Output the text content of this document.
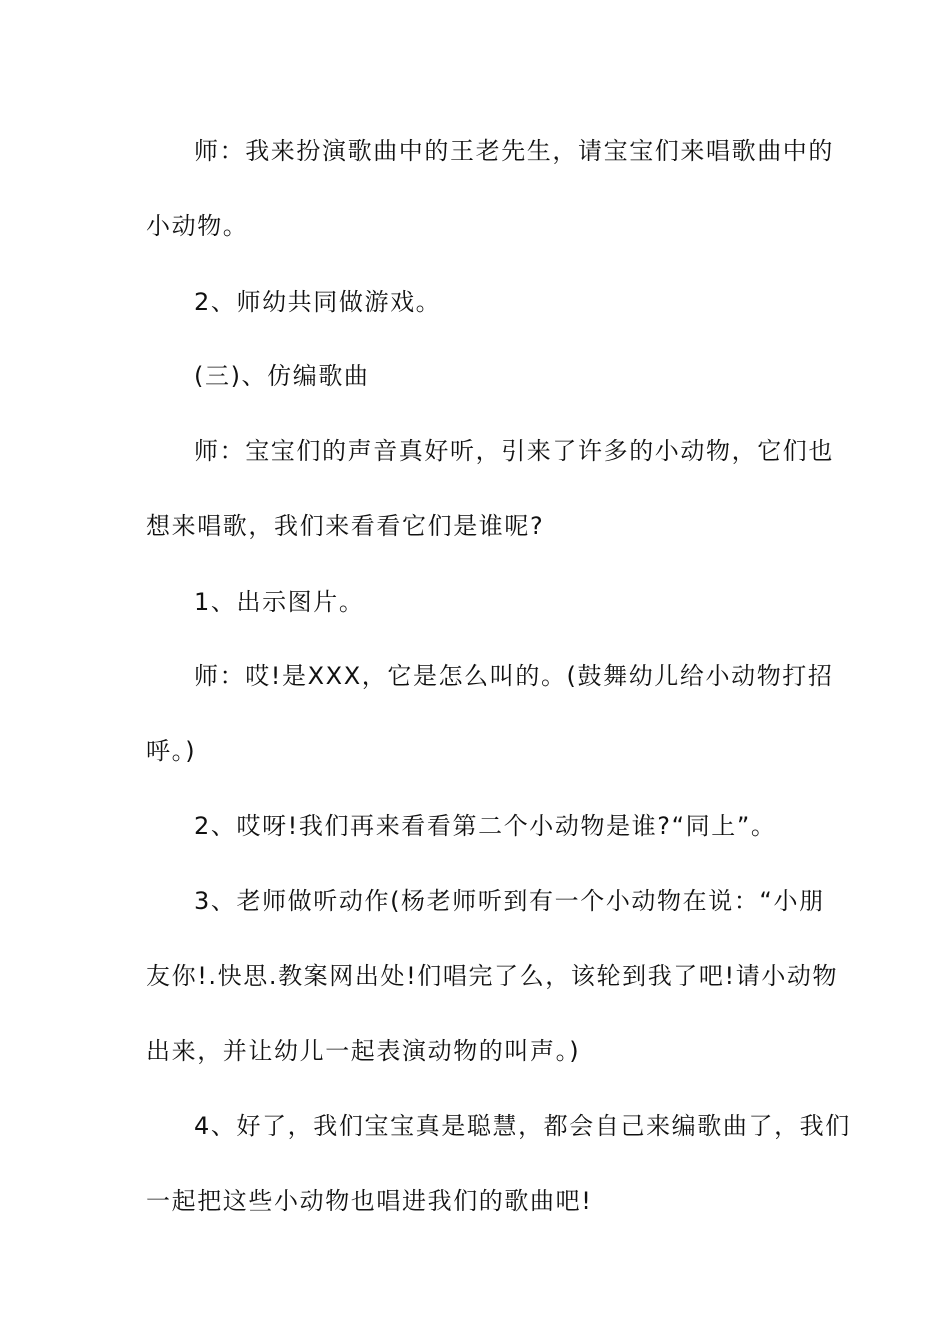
师：我来扮演歌曲中的王老先生，请宝宝们来唱歌曲中的
小动物。
2、师幼共同做游戏。
(三)、仿编歌曲
师：宝宝们的声音真好听，引来了许多的小动物，它们也
想来唱歌，我们来看看它们是谁呢?
1、出示图片。
师：哎!是XXX，它是怎么叫的。(鼓舞幼儿给小动物打招
呼。)
2、哎呀!我们再来看看第二个小动物是谁?“同上”。
3、老师做听动作(杨老师听到有一个小动物在说：“小朋
友你!.快思.教案网出处!们唱完了么，该轮到我了吧!请小动物
出来，并让幼儿一起表演动物的叫声。)
4、好了，我们宝宝真是聪慧，都会自己来编歌曲了，我们
一起把这些小动物也唱进我们的歌曲吧!
